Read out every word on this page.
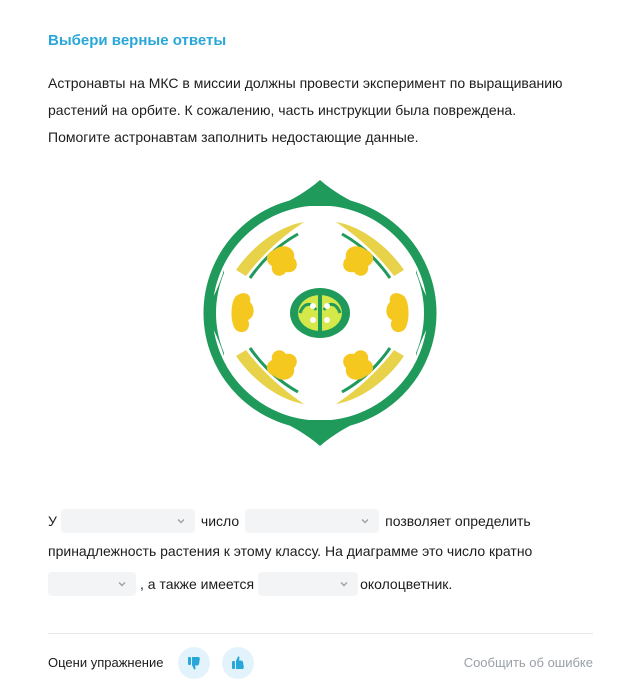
Выбери верные ответы

Астронавты на МКС в миссии должны провести эксперимент по выращиванию

растений на орбите. К сожалению, часть инструкции была повреждена.

Помогите астронавтам заполнить недостающие данные.

У	число	позволяет определить
принадлежность растения к этому классу. На диаграмме это число кратно
, а также имеется	околоцветник.
Оцени упражнение	Сообщить об ошибке
